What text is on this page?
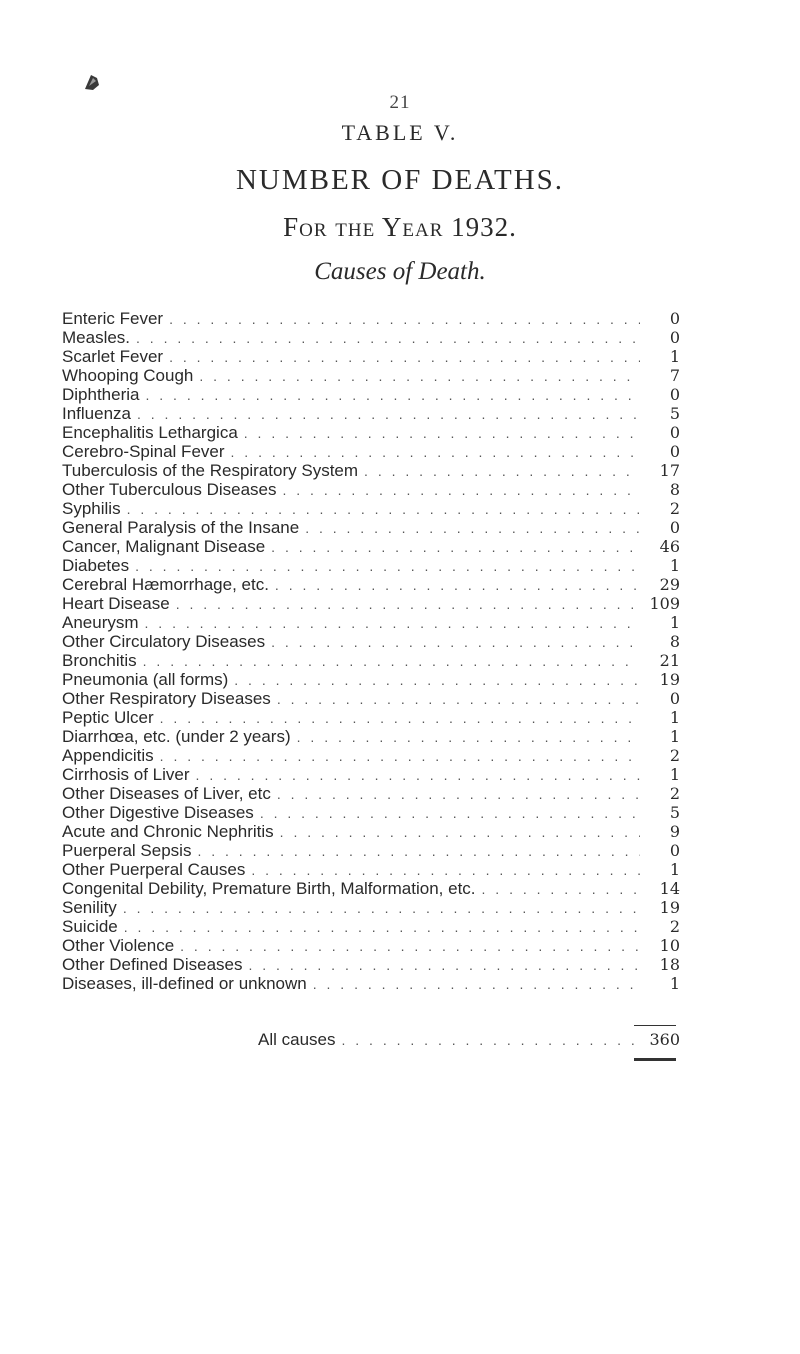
21
TABLE V.
NUMBER OF DEATHS.
For the Year 1932.
Causes of Death.
Enteric Fever . . .	0
Measles. . . .	0
Scarlet Fever . . .	1
Whooping Cough . . .	7
Diphtheria . . .	0
Influenza . . .	5
Encephalitis Lethargica . . .	0
Cerebro-Spinal Fever . . .	0
Tuberculosis of the Respiratory System . . .	17
Other Tuberculous Diseases . . .	8
Syphilis . . .	2
General Paralysis of the Insane . . .	0
Cancer, Malignant Disease . . .	46
Diabetes . . .	1
Cerebral Hæmorrhage, etc. . . .	29
Heart Disease . . .	109
Aneurysm . . .	1
Other Circulatory Diseases . . .	8
Bronchitis . . .	21
Pneumonia (all forms) . . .	19
Other Respiratory Diseases . . .	0
Peptic Ulcer . . .	1
Diarrhœa, etc. (under 2 years) . . .	1
Appendicitis . . .	2
Cirrhosis of Liver . . .	1
Other Diseases of Liver, etc . . .	2
Other Digestive Diseases . . .	5
Acute and Chronic Nephritis . . .	9
Puerperal Sepsis . . .	0
Other Puerperal Causes . . .	1
Congenital Debility, Premature Birth, Malformation, etc. . . .	14
Senility . . .	19
Suicide . . .	2
Other Violence . . .	10
Other Defined Diseases . . .	18
Diseases, ill-defined or unknown . . .	1
All causes . . .	360
